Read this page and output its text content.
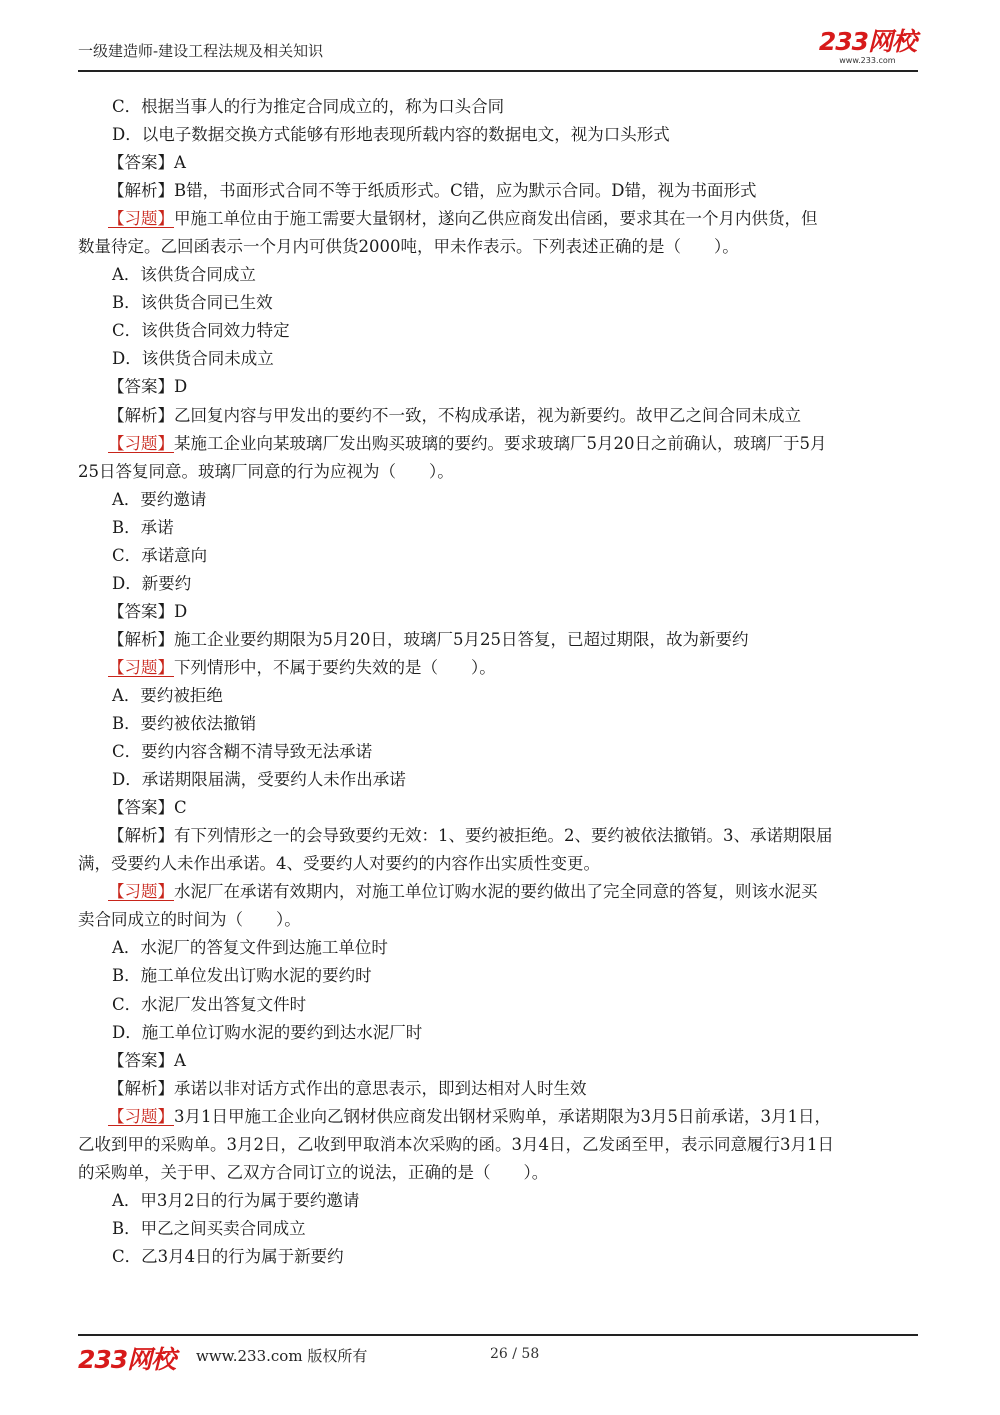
一级建造师-建设工程法规及相关知识	233网校
www.233.com
C．根据当事人的行为推定合同成立的，称为口头合同
D．以电子数据交换方式能够有形地表现所载内容的数据电文，视为口头形式
【答案】A
【解析】B错，书面形式合同不等于纸质形式。C错，应为默示合同。D错，视为书面形式
【习题】甲施工单位由于施工需要大量钢材，遂向乙供应商发出信函，要求其在一个月内供货，但
数量待定。乙回函表示一个月内可供货2000吨，甲未作表示。下列表述正确的是（　　）。
A．该供货合同成立
B．该供货合同已生效
C．该供货合同效力特定
D．该供货合同未成立
【答案】D
【解析】乙回复内容与甲发出的要约不一致，不构成承诺，视为新要约。故甲乙之间合同未成立
【习题】某施工企业向某玻璃厂发出购买玻璃的要约。要求玻璃厂5月20日之前确认，玻璃厂于5月
25日答复同意。玻璃厂同意的行为应视为（　　）。
A．要约邀请
B．承诺
C．承诺意向
D．新要约
【答案】D
【解析】施工企业要约期限为5月20日，玻璃厂5月25日答复，已超过期限，故为新要约
【习题】下列情形中，不属于要约失效的是（　　）。
A．要约被拒绝
B．要约被依法撤销
C．要约内容含糊不清导致无法承诺
D．承诺期限届满，受要约人未作出承诺
【答案】C
【解析】有下列情形之一的会导致要约无效：1、要约被拒绝。2、要约被依法撤销。3、承诺期限届
满，受要约人未作出承诺。4、受要约人对要约的内容作出实质性变更。
【习题】水泥厂在承诺有效期内，对施工单位订购水泥的要约做出了完全同意的答复，则该水泥买
卖合同成立的时间为（　　）。
A．水泥厂的答复文件到达施工单位时
B．施工单位发出订购水泥的要约时
C．水泥厂发出答复文件时
D．施工单位订购水泥的要约到达水泥厂时
【答案】A
【解析】承诺以非对话方式作出的意思表示，即到达相对人时生效
【习题】3月1日甲施工企业向乙钢材供应商发出钢材采购单，承诺期限为3月5日前承诺，3月1日，
乙收到甲的采购单。3月2日，乙收到甲取消本次采购的函。3月4日，乙发函至甲，表示同意履行3月1日
的采购单，关于甲、乙双方合同订立的说法，正确的是（　　）。
A．甲3月2日的行为属于要约邀请
B．甲乙之间买卖合同成立
C．乙3月4日的行为属于新要约
233网校 www.233.com 版权所有	26 / 58
